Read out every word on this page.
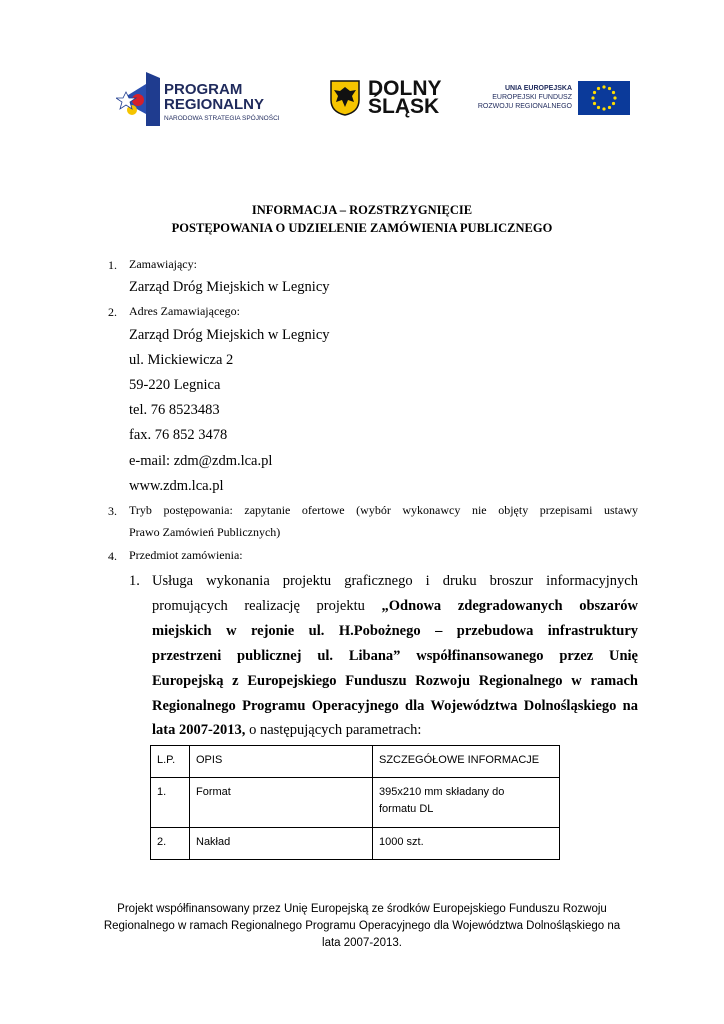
PROGRAM
REGIONALNY
NARODOWA STRATEGIA SPÓJNOŚCI
DOLNY
ŚLĄSK
UNIA EUROPEJSKA
EUROPEJSKI FUNDUSZ
ROZWOJU REGIONALNEGO
INFORMACJA – ROZSTRZYGNIĘCIE
POSTĘPOWANIA O UDZIELENIE ZAMÓWIENIA PUBLICZNEGO
1. Zamawiający:
Zarząd Dróg Miejskich w Legnicy
2. Adres Zamawiającego:
Zarząd Dróg Miejskich w Legnicy
ul. Mickiewicza 2
59-220 Legnica
tel. 76 8523483
fax. 76 852 3478
e-mail: zdm@zdm.lca.pl
www.zdm.lca.pl
3. Tryb postępowania: zapytanie ofertowe (wybór wykonawcy nie objęty przepisami ustawy
Prawo Zamówień Publicznych)
4. Przedmiot zamówienia:
1. Usługa wykonania projektu graficznego i druku broszur informacyjnych
promujących realizację projektu „Odnowa zdegradowanych obszarów
miejskich w rejonie ul. H.Pobożnego – przebudowa infrastruktury
przestrzeni publicznej ul. Libana” współfinansowanego przez Unię
Europejską z Europejskiego Funduszu Rozwoju Regionalnego w ramach
Regionalnego Programu Operacyjnego dla Województwa Dolnośląskiego na
lata 2007-2013, o następujących parametrach:
L.P.	OPIS	SZCZEGÓŁOWE INFORMACJE
1.	Format	395x210 mm składany do
formatu DL

2.	Nakład	1000 szt.
Projekt współfinansowany przez Unię Europejską ze środków Europejskiego Funduszu Rozwoju
Regionalnego w ramach Regionalnego Programu Operacyjnego dla Województwa Dolnośląskiego na
lata 2007-2013.
